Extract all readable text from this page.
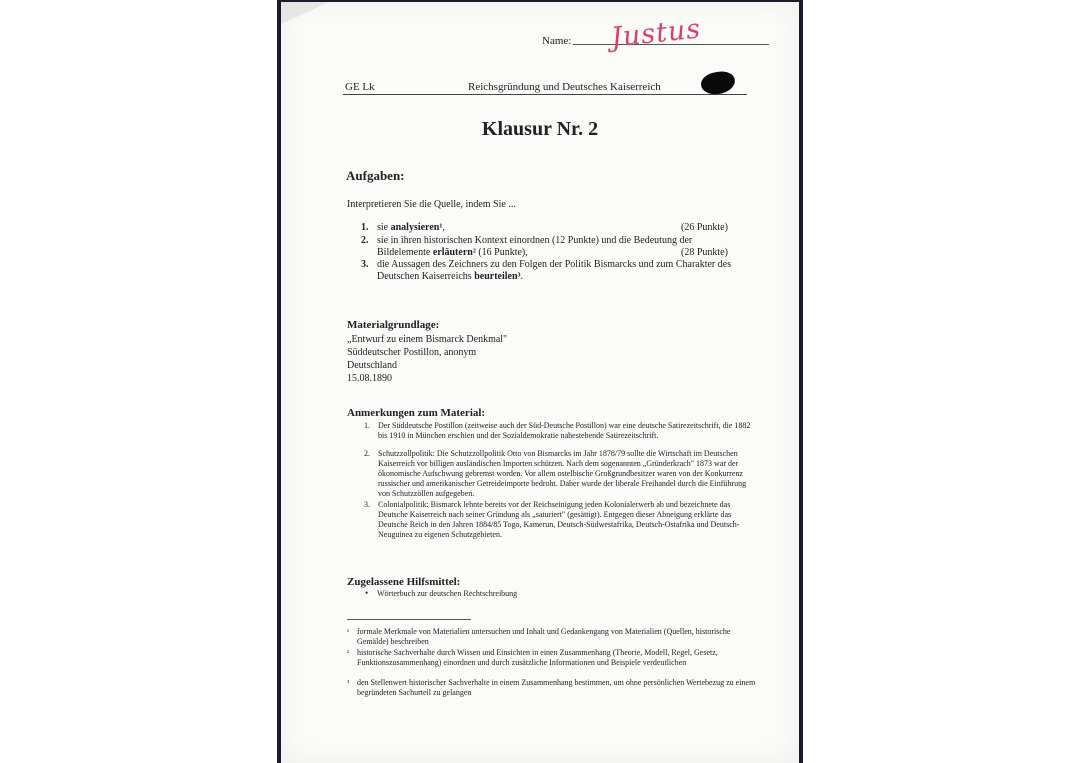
Name: Justus
GE Lk	Reichsgründung und Deutsches Kaiserreich
Klausur Nr. 2
Aufgaben:
Interpretieren Sie die Quelle, indem Sie ...
1. sie analysieren¹,	(26 Punkte)
2. sie in ihren historischen Kontext einordnen (12 Punkte) und die Bedeutung der Bildelemente erläutern² (16 Punkte),	(28 Punkte)
3. die Aussagen des Zeichners zu den Folgen der Politik Bismarcks und zum Charakter des Deutschen Kaiserreichs beurteilen³.
Materialgrundlage:
„Entwurf zu einem Bismarck Denkmal"
Süddeutscher Postillon, anonym
Deutschland
15.08.1890
Anmerkungen zum Material:
1. Der Süddeutsche Postillon (zeitweise auch der Süd-Deutsche Postillon) war eine deutsche Satirezeitschrift, die 1882 bis 1910 in München erschien und der Sozialdemokratie nahestehende Satirezeitschrift.
2. Schutzzollpolitik: Die Schutzzollpolitik Otto von Bismarcks im Jahr 1878/79 sollte die Wirtschaft im Deutschen Kaiserreich vor billigen ausländischen Importen schützen. Nach dem sogenannten „Gründerkrach" 1873 war der ökonomische Aufschwung gebremst worden. Vor allem ostelbische Großgrundbesitzer waren von der Konkurrenz russischer und amerikanischer Getreideimporte bedroht. Daher wurde der liberale Freihandel durch die Einführung von Schutzzöllen aufgegeben.
3. Colonialpolitik: Bismarck lehnte bereits vor der Reichseinigung jeden Kolonialerwerb ab und bezeichnete das Deutsche Kaiserreich nach seiner Gründung als „saturiert" (gesättigt). Entgegen dieser Abneigung erklärte das Deutsche Reich in den Jahren 1884/85 Togo, Kamerun, Deutsch-Südwestafrika, Deutsch-Ostafrika und Deutsch-Neuguinea zu eigenen Schutzgebieten.
Zugelassene Hilfsmittel:
• Wörterbuch zur deutschen Rechtschreibung
¹ formale Merkmale von Materialien untersuchen und Inhalt und Gedankengang von Materialien (Quellen, historische Gemälde) beschreiben
² historische Sachverhalte durch Wissen und Einsichten in einen Zusammenhang (Theorie, Modell, Regel, Gesetz, Funktionszusammenhang) einordnen und durch zusätzliche Informationen und Beispiele verdeutlichen
³ den Stellenwert historischer Sachverhalte in einem Zusammenhang bestimmen, um ohne persönlichen Wertebezug zu einem begründeten Sachurteil zu gelangen
